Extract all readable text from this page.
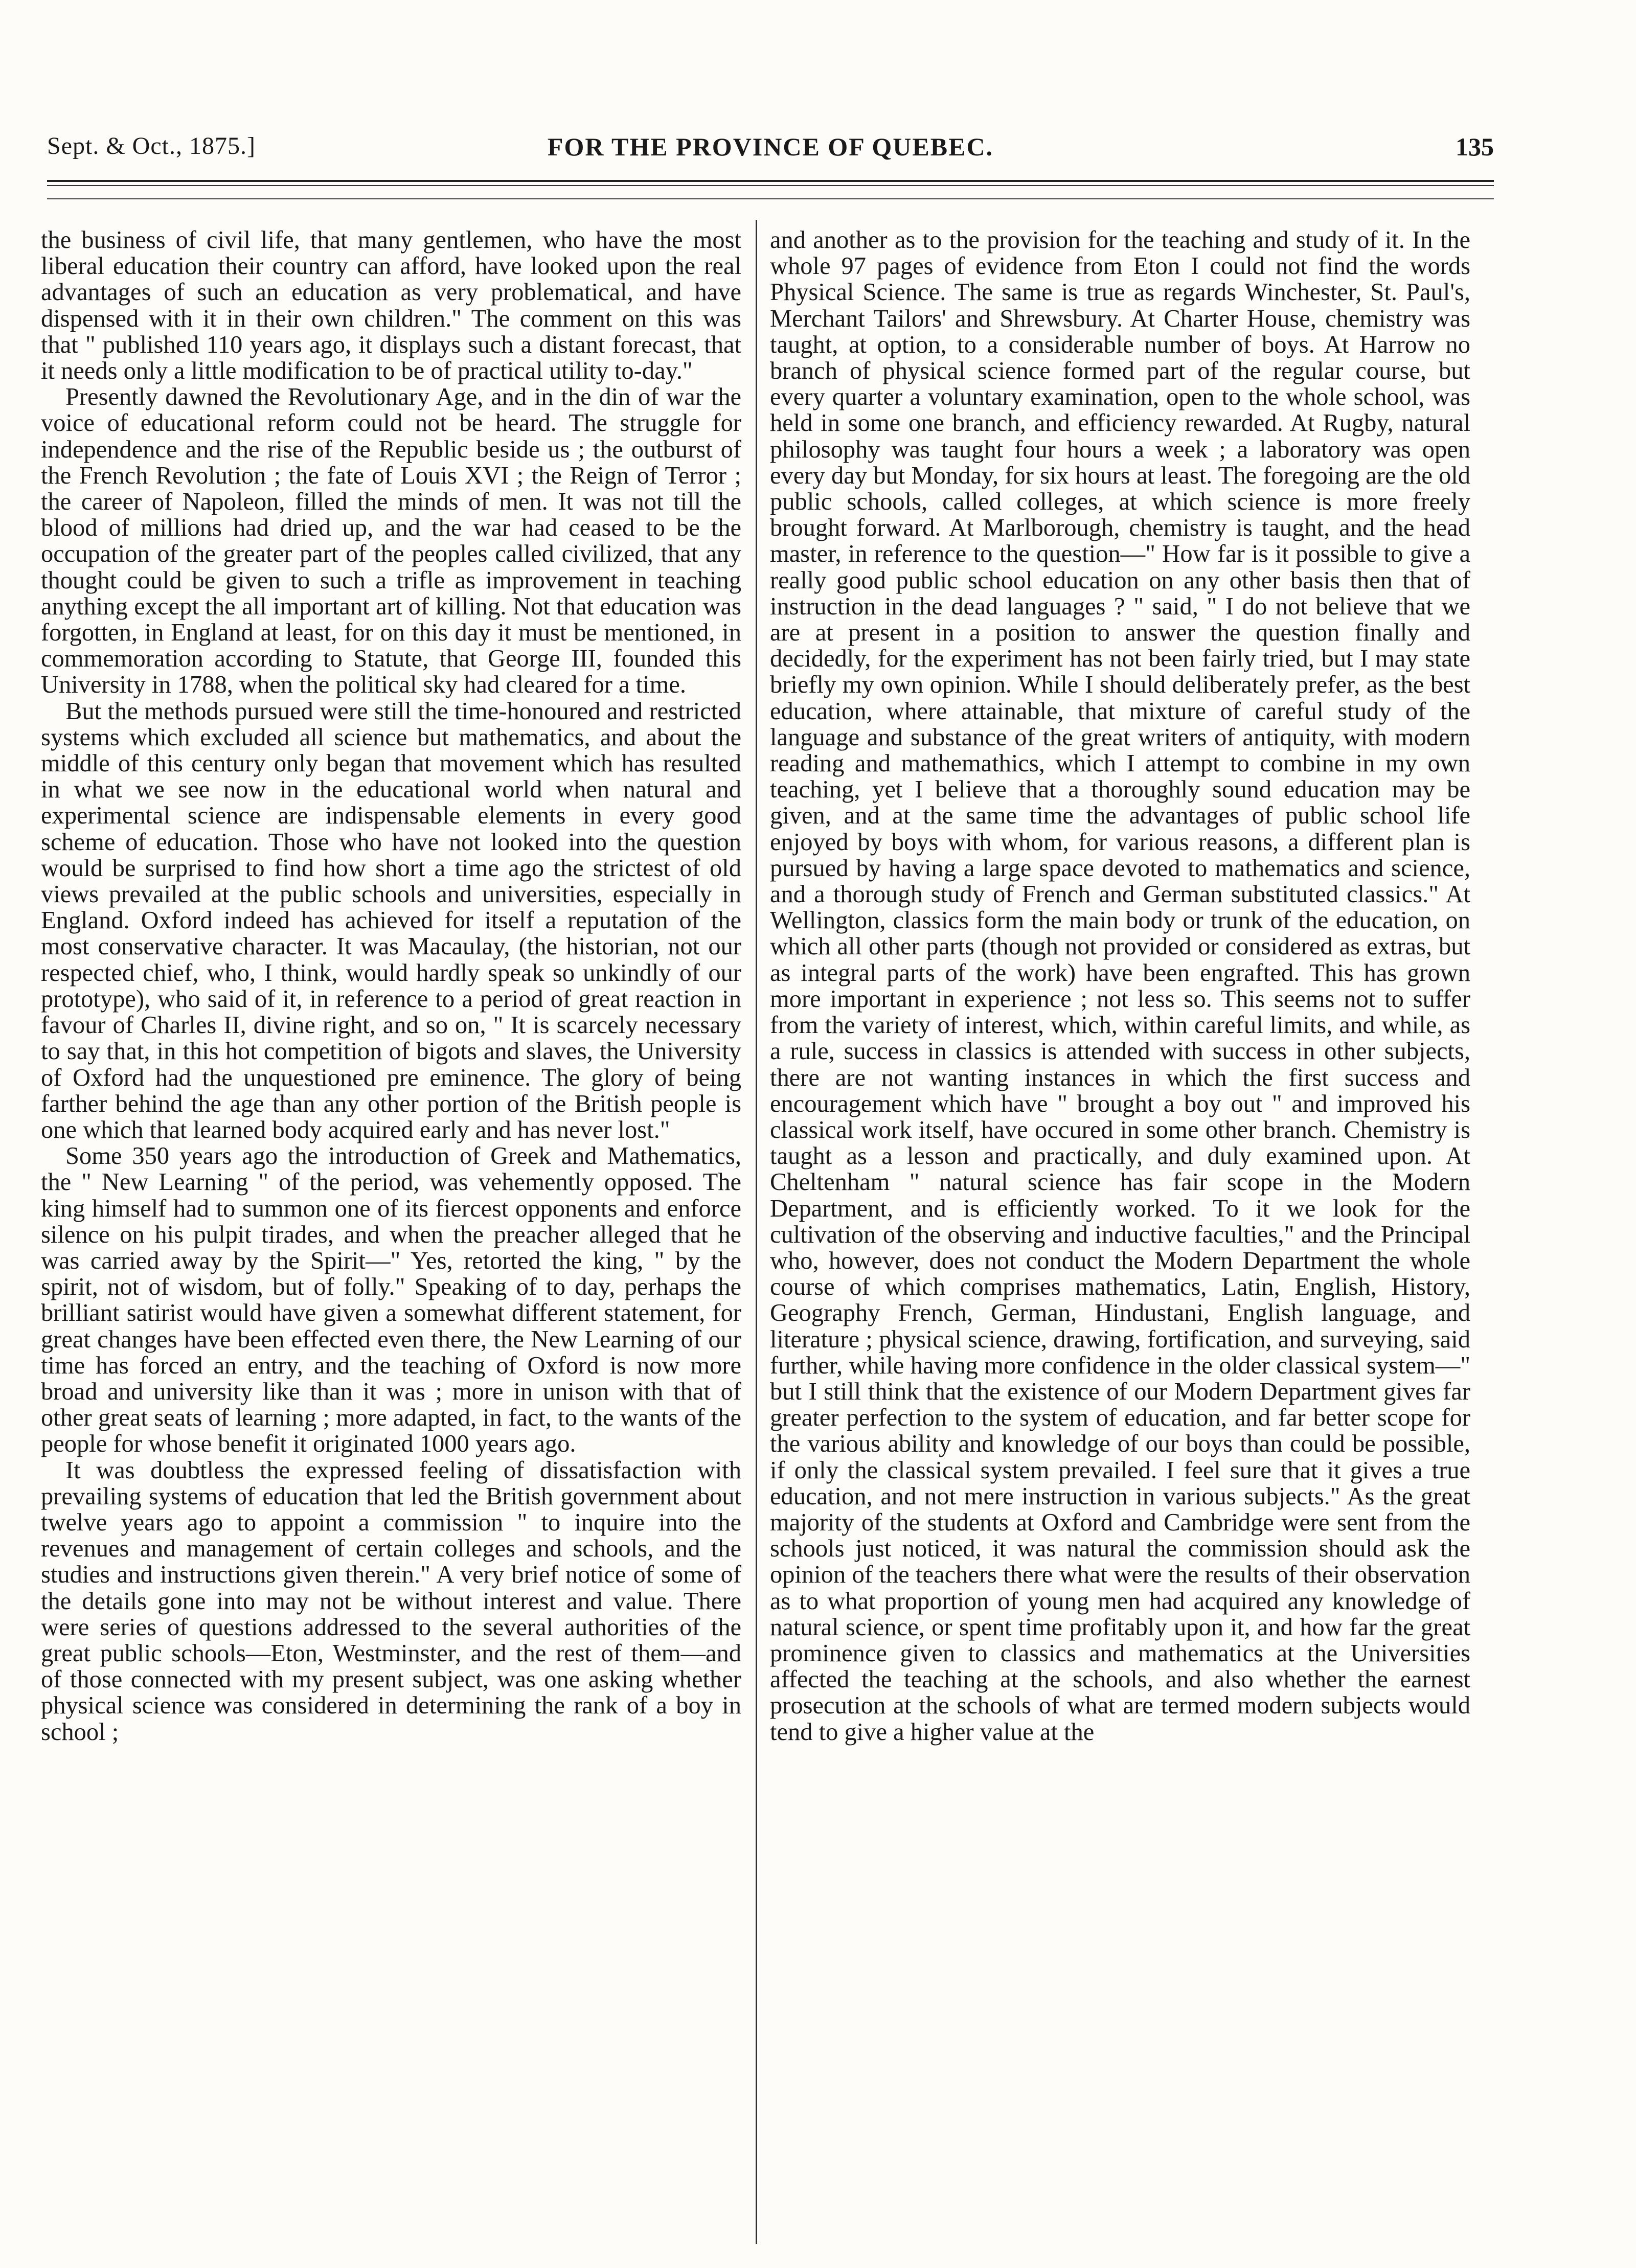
Sept. & Oct., 1875.]	FOR THE PROVINCE OF QUEBEC.	135

the business of civil life, that many gentlemen, who have the most liberal education their country can afford, have looked upon the real advantages of such an education as very problematical, and have dispensed with it in their own children." The comment on this was that " published 110 years ago, it displays such a distant forecast, that it needs only a little modification to be of practical utility to-day."

Presently dawned the Revolutionary Age, and in the din of war the voice of educational reform could not be heard. The struggle for independence and the rise of the Republic beside us ; the outburst of the French Revolution ; the fate of Louis XVI ; the Reign of Terror ; the career of Napoleon, filled the minds of men. It was not till the blood of millions had dried up, and the war had ceased to be the occupation of the greater part of the peoples called civilized, that any thought could be given to such a trifle as improvement in teaching anything except the all important art of killing. Not that education was forgotten, in England at least, for on this day it must be mentioned, in commemoration according to Statute, that George III, founded this University in 1788, when the political sky had cleared for a time.

But the methods pursued were still the time-honoured and restricted systems which excluded all science but mathematics, and about the middle of this century only began that movement which has resulted in what we see now in the educational world when natural and experimental science are indispensable elements in every good scheme of education. Those who have not looked into the question would be surprised to find how short a time ago the strictest of old views prevailed at the public schools and universities, especially in England. Oxford indeed has achieved for itself a reputation of the most conservative character. It was Macaulay, (the historian, not our respected chief, who, I think, would hardly speak so unkindly of our prototype), who said of it, in reference to a period of great reaction in favour of Charles II, divine right, and so on, " It is scarcely necessary to say that, in this hot competition of bigots and slaves, the University of Oxford had the unquestioned pre eminence. The glory of being farther behind the age than any other portion of the British people is one which that learned body acquired early and has never lost."

Some 350 years ago the introduction of Greek and Mathematics, the " New Learning " of the period, was vehemently opposed. The king himself had to summon one of its fiercest opponents and enforce silence on his pulpit tirades, and when the preacher alleged that he was carried away by the Spirit—" Yes, retorted the king, " by the spirit, not of wisdom, but of folly." Speaking of to day, perhaps the brilliant satirist would have given a somewhat different statement, for great changes have been effected even there, the New Learning of our time has forced an entry, and the teaching of Oxford is now more broad and university like than it was ; more in unison with that of other great seats of learning ; more adapted, in fact, to the wants of the people for whose benefit it originated 1000 years ago.

It was doubtless the expressed feeling of dissatisfaction with prevailing systems of education that led the British government about twelve years ago to appoint a commission " to inquire into the revenues and management of certain colleges and schools, and the studies and instructions given therein." A very brief notice of some of the details gone into may not be without interest and value. There were series of questions addressed to the several authorities of the great public schools—Eton, Westminster, and the rest of them—and of those connected with my present subject, was one asking whether physical science was considered in determining the rank of a boy in school ;

and another as to the provision for the teaching and study of it. In the whole 97 pages of evidence from Eton I could not find the words Physical Science. The same is true as regards Winchester, St. Paul's, Merchant Tailors' and Shrewsbury. At Charter House, chemistry was taught, at option, to a considerable number of boys. At Harrow no branch of physical science formed part of the regular course, but every quarter a voluntary examination, open to the whole school, was held in some one branch, and efficiency rewarded. At Rugby, natural philosophy was taught four hours a week ; a laboratory was open every day but Monday, for six hours at least. The foregoing are the old public schools, called colleges, at which science is more freely brought forward. At Marlborough, chemistry is taught, and the head master, in reference to the question—" How far is it possible to give a really good public school education on any other basis then that of instruction in the dead languages ? " said, " I do not believe that we are at present in a position to answer the question finally and decidedly, for the experiment has not been fairly tried, but I may state briefly my own opinion. While I should deliberately prefer, as the best education, where attainable, that mixture of careful study of the language and substance of the great writers of antiquity, with modern reading and mathemathics, which I attempt to combine in my own teaching, yet I believe that a thoroughly sound education may be given, and at the same time the advantages of public school life enjoyed by boys with whom, for various reasons, a different plan is pursued by having a large space devoted to mathematics and science, and a thorough study of French and German substituted classics." At Wellington, classics form the main body or trunk of the education, on which all other parts (though not provided or considered as extras, but as integral parts of the work) have been engrafted. This has grown more important in experience ; not less so. This seems not to suffer from the variety of interest, which, within careful limits, and while, as a rule, success in classics is attended with success in other subjects, there are not wanting instances in which the first success and encouragement which have " brought a boy out " and improved his classical work itself, have occured in some other branch. Chemistry is taught as a lesson and practically, and duly examined upon. At Cheltenham " natural science has fair scope in the Modern Department, and is efficiently worked. To it we look for the cultivation of the observing and inductive faculties," and the Principal who, however, does not conduct the Modern Department the whole course of which comprises mathematics, Latin, English, History, Geography French, German, Hindustani, English language, and literature ; physical science, drawing, fortification, and surveying, said further, while having more confidence in the older classical system—" but I still think that the existence of our Modern Department gives far greater perfection to the system of education, and far better scope for the various ability and knowledge of our boys than could be possible, if only the classical system prevailed. I feel sure that it gives a true education, and not mere instruction in various subjects." As the great majority of the students at Oxford and Cambridge were sent from the schools just noticed, it was natural the commission should ask the opinion of the teachers there what were the results of their observation as to what proportion of young men had acquired any knowledge of natural science, or spent time profitably upon it, and how far the great prominence given to classics and mathematics at the Universities affected the teaching at the schools, and also whether the earnest prosecution at the schools of what are termed modern subjects would tend to give a higher value at the
